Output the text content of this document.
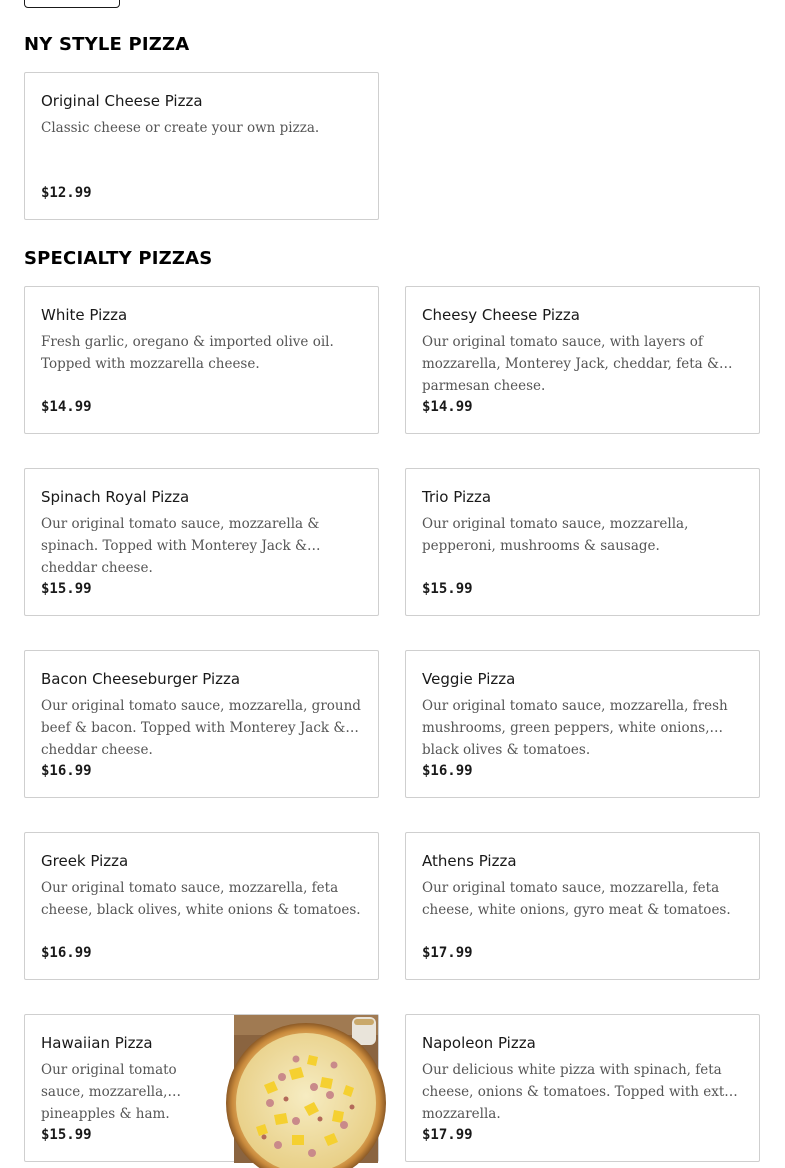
NY STYLE PIZZA
Original Cheese Pizza
Classic cheese or create your own pizza.
$12.99
SPECIALTY PIZZAS
White Pizza
Fresh garlic, oregano & imported olive oil. Topped with mozzarella cheese.
$14.99
Cheesy Cheese Pizza
Our original tomato sauce, with layers of mozzarella, Monterey Jack, cheddar, feta & parmesan cheese.
$14.99
Spinach Royal Pizza
Our original tomato sauce, mozzarella & spinach. Topped with Monterey Jack & cheddar cheese.
$15.99
Trio Pizza
Our original tomato sauce, mozzarella, pepperoni, mushrooms & sausage.
$15.99
Bacon Cheeseburger Pizza
Our original tomato sauce, mozzarella, ground beef & bacon. Topped with Monterey Jack & cheddar cheese.
$16.99
Veggie Pizza
Our original tomato sauce, mozzarella, fresh mushrooms, green peppers, white onions, black olives & tomatoes.
$16.99
Greek Pizza
Our original tomato sauce, mozzarella, feta cheese, black olives, white onions & tomatoes.
$16.99
Athens Pizza
Our original tomato sauce, mozzarella, feta cheese, white onions, gyro meat & tomatoes.
$17.99
Hawaiian Pizza
Our original tomato sauce, mozzarella, pineapples & ham.
$15.99
Napoleon Pizza
Our delicious white pizza with spinach, feta cheese, onions & tomatoes. Topped with extra mozzarella.
$17.99
